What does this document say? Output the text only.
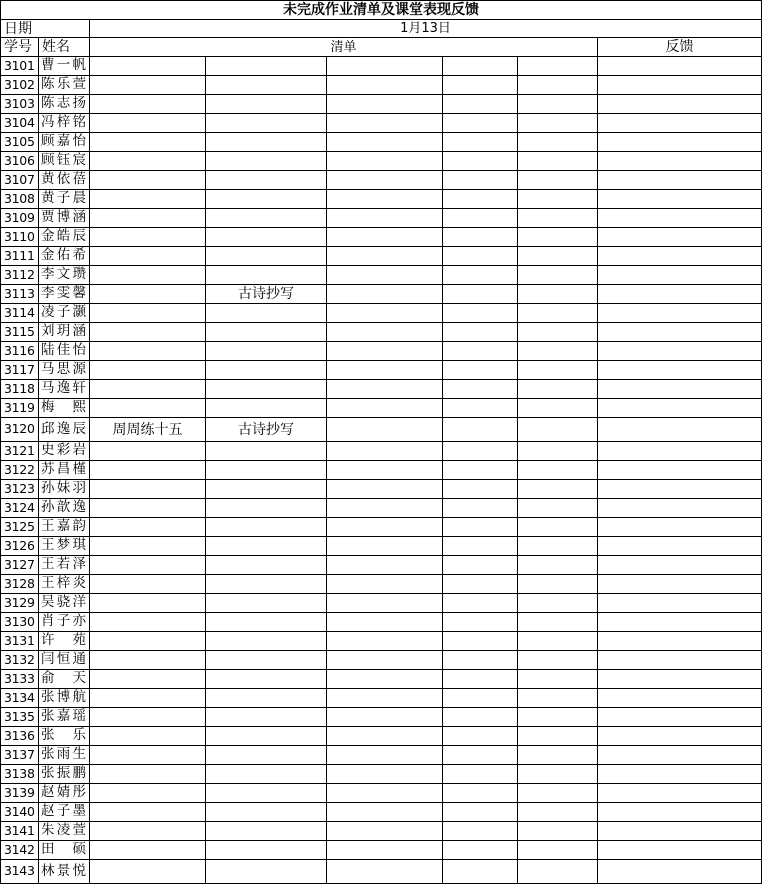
未完成作业清单及课堂表现反馈							
日期		1月13日					
学号	姓名	清单					反馈
3101	曹一帆						
3102	陈乐萱						
3103	陈志扬						
3104	冯梓铭						
3105	顾嘉怡						
3106	顾钰宸						
3107	黄依蓓						
3108	黄子晨						
3109	贾博涵						
3110	金皓辰						
3111	金佑希						
3112	李文瓒						
3113	李雯馨		古诗抄写				
3114	凌子灏						
3115	刘玥涵						
3116	陆佳怡						
3117	马思源						
3118	马逸轩						
3119	梅　熙						
3120	邱逸辰	周周练十五	古诗抄写				
3121	史彩岩						
3122	苏昌槿						
3123	孙妹羽						
3124	孙歆逸						
3125	王嘉韵						
3126	王梦琪						
3127	王若泽						
3128	王梓炎						
3129	吴骁洋						
3130	肖子亦						
3131	许　苑						
3132	闫恒通						
3133	俞　天						
3134	张博航						
3135	张嘉瑶						
3136	张　乐						
3137	张雨生						
3138	张振鹏						
3139	赵婧彤						
3140	赵子墨						
3141	朱凌萱						
3142	田　硕						
3143	林景悦						
